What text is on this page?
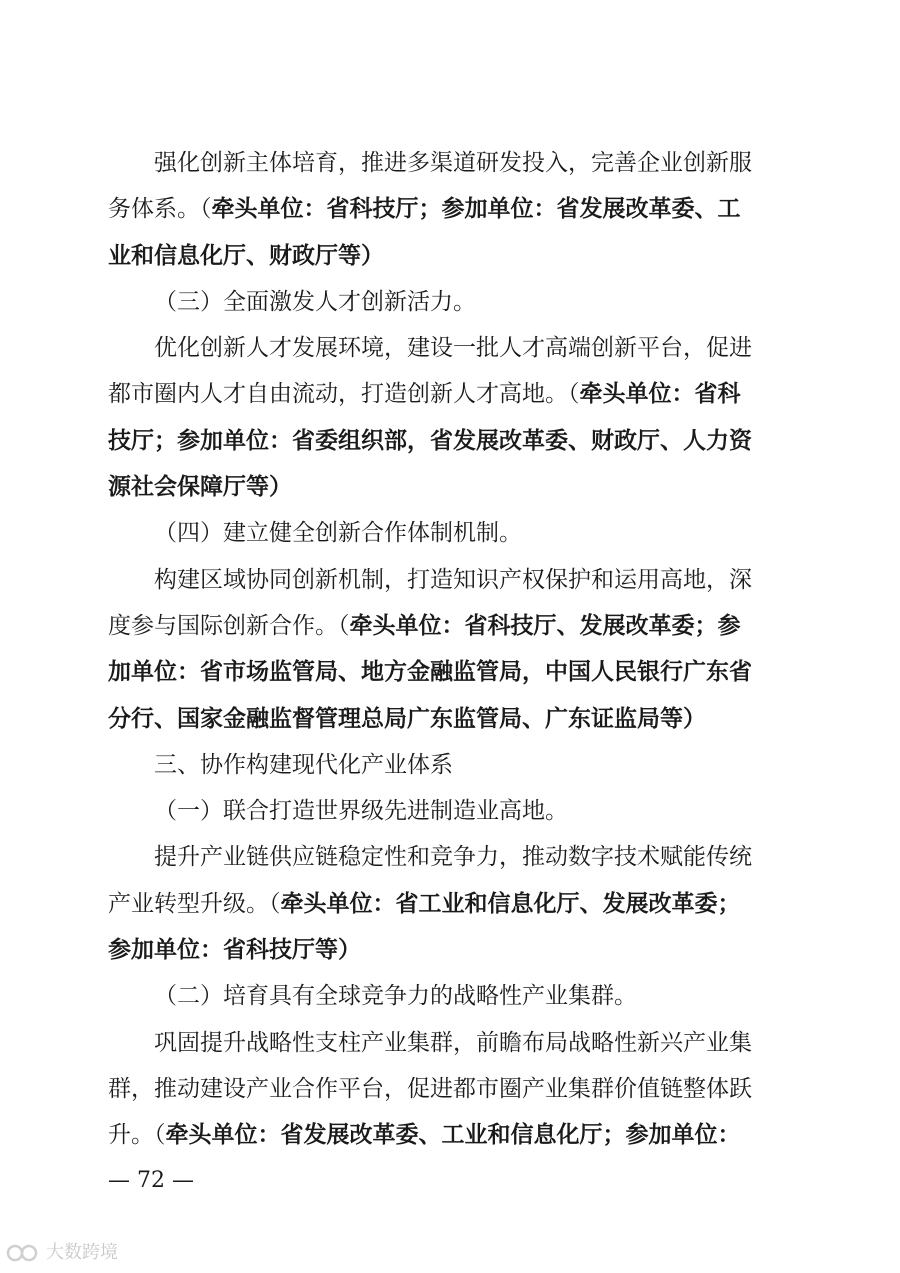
强化创新主体培育，推进多渠道研发投入，完善企业创新服
务体系。（牵头单位：省科技厅；参加单位：省发展改革委、工
业和信息化厅、财政厅等）
（三）全面激发人才创新活力。
优化创新人才发展环境，建设一批人才高端创新平台，促进
都市圈内人才自由流动，打造创新人才高地。（牵头单位：省科
技厅；参加单位：省委组织部，省发展改革委、财政厅、人力资
源社会保障厅等）
（四）建立健全创新合作体制机制。
构建区域协同创新机制，打造知识产权保护和运用高地，深
度参与国际创新合作。（牵头单位：省科技厅、发展改革委；参
加单位：省市场监管局、地方金融监管局，中国人民银行广东省
分行、国家金融监督管理总局广东监管局、广东证监局等）
三、协作构建现代化产业体系
（一）联合打造世界级先进制造业高地。
提升产业链供应链稳定性和竞争力，推动数字技术赋能传统
产业转型升级。（牵头单位：省工业和信息化厅、发展改革委；
参加单位：省科技厅等）
（二）培育具有全球竞争力的战略性产业集群。
巩固提升战略性支柱产业集群，前瞻布局战略性新兴产业集
群，推动建设产业合作平台，促进都市圈产业集群价值链整体跃
升。（牵头单位：省发展改革委、工业和信息化厅；参加单位：
— 72 —
大数跨境
